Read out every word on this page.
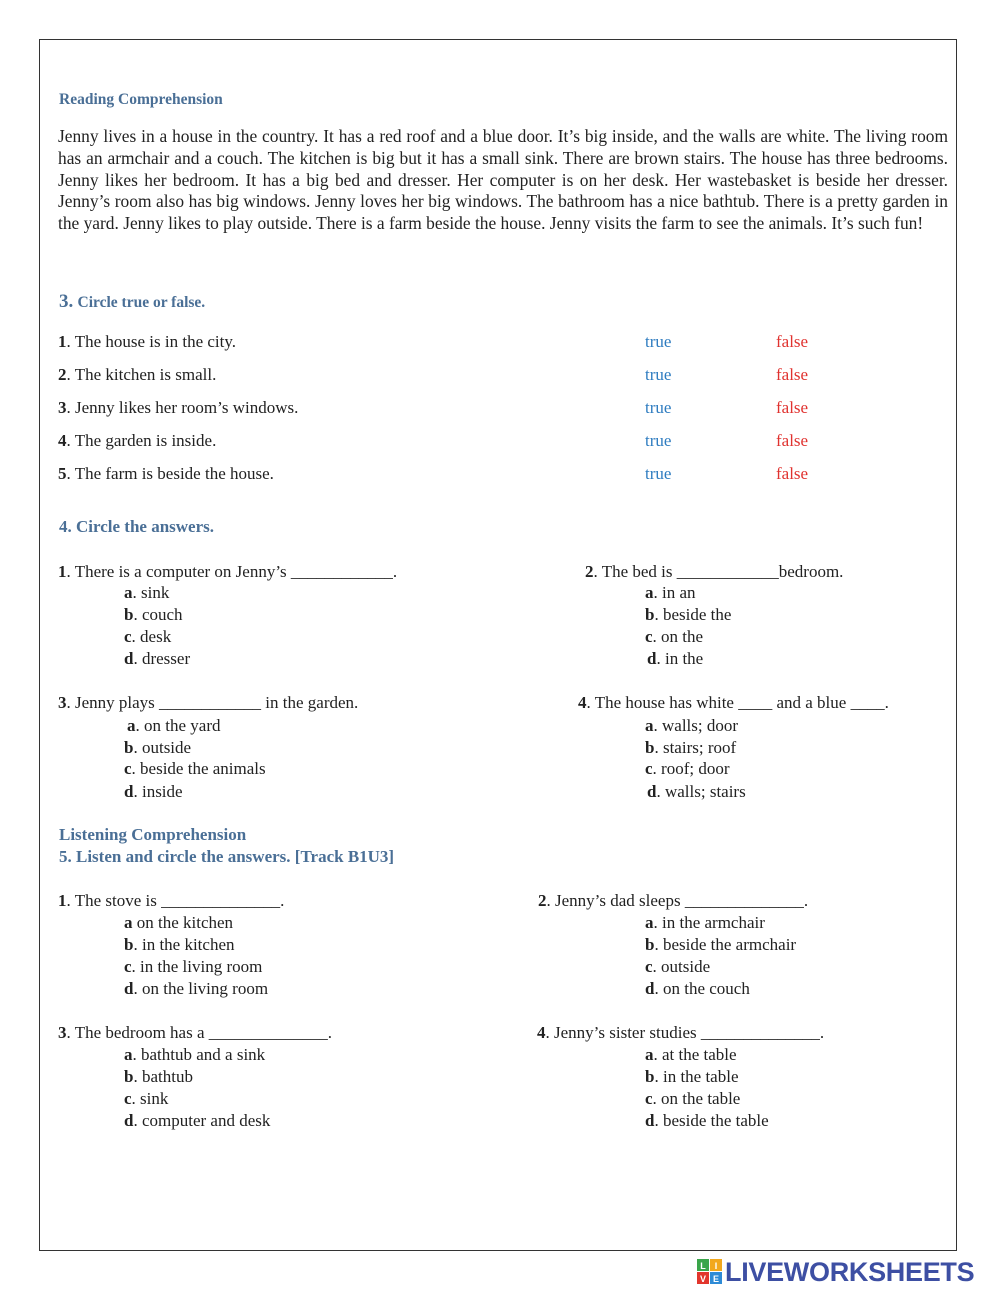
Reading Comprehension
Jenny lives in a house in the country. It has a red roof and a blue door. It’s big inside, and the walls are white. The living room has an armchair and a couch. The kitchen is big but it has a small sink. There are brown stairs. The house has three bedrooms. Jenny likes her bedroom. It has a big bed and dresser. Her computer is on her desk. Her wastebasket is beside her dresser. Jenny’s room also has big windows. Jenny loves her big windows. The bathroom has a nice bathtub. There is a pretty garden in the yard. Jenny likes to play outside. There is a farm beside the house. Jenny visits the farm to see the animals. It’s such fun!
3. Circle true or false.
1. The house is in the city.	true	false
2. The kitchen is small.	true	false
3. Jenny likes her room’s windows.	true	false
4. The garden is inside.	true	false
5. The farm is beside the house.	true	false
4. Circle the answers.
1. There is a computer on Jenny’s ____________.
a. sink
b. couch
c. desk
d. dresser
2. The bed is ____________bedroom.
a. in an
b. beside the
c. on the
d. in the
3. Jenny plays ____________ in the garden.
a. on the yard
b. outside
c. beside the animals
d. inside
4. The house has white ____ and a blue ____.
a. walls; door
b. stairs; roof
c. roof; door
d. walls; stairs
Listening Comprehension
5. Listen and circle the answers. [Track B1U3]
1. The stove is ______________.
a on the kitchen
b. in the kitchen
c. in the living room
d. on the living room
2. Jenny’s dad sleeps ______________.
a. in the armchair
b. beside the armchair
c. outside
d. on the couch
3. The bedroom has a ______________.
a. bathtub and a sink
b. bathtub
c. sink
d. computer and desk
4. Jenny’s sister studies ______________.
a. at the table
b. in the table
c. on the table
d. beside the table
L I
V E LIVEWORKSHEETS
